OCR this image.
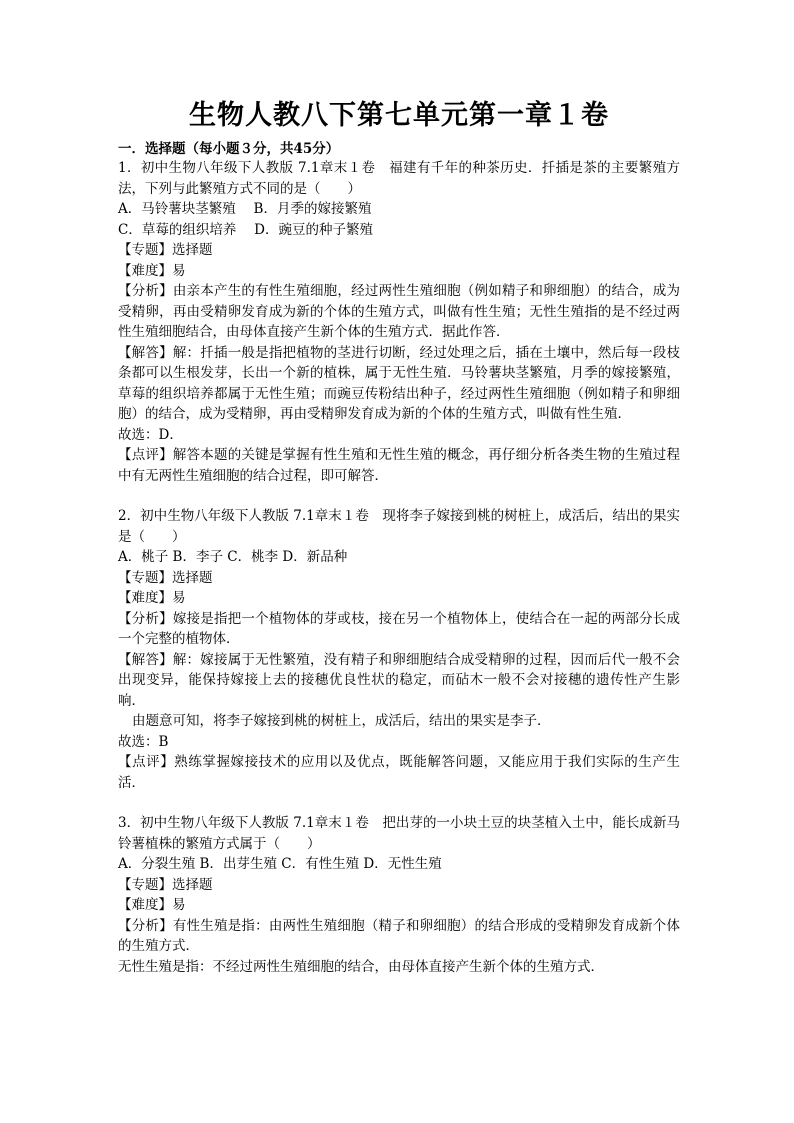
生物人教八下第七单元第一章１卷

一．选择题（每小题３分，共45分）

1．初中生物八年级下人教版 7.1章末１卷　福建有千年的种茶历史．扦插是茶的主要繁殖方法，下列与此繁殖方式不同的是（　　）

A．马铃薯块茎繁殖　 B．月季的嫁接繁殖

C．草莓的组织培养　 D．豌豆的种子繁殖

【专题】选择题

【难度】易

【分析】由亲本产生的有性生殖细胞，经过两性生殖细胞（例如精子和卵细胞）的结合，成为受精卵，再由受精卵发育成为新的个体的生殖方式，叫做有性生殖；无性生殖指的是不经过两性生殖细胞结合，由母体直接产生新个体的生殖方式．据此作答．

【解答】解：扦插一般是指把植物的茎进行切断，经过处理之后，插在土壤中，然后每一段枝条都可以生根发芽，长出一个新的植株，属于无性生殖．马铃薯块茎繁殖，月季的嫁接繁殖，草莓的组织培养都属于无性生殖；而豌豆传粉结出种子，经过两性生殖细胞（例如精子和卵细胞）的结合，成为受精卵，再由受精卵发育成为新的个体的生殖方式，叫做有性生殖．

故选：D．

【点评】解答本题的关键是掌握有性生殖和无性生殖的概念，再仔细分析各类生物的生殖过程中有无两性生殖细胞的结合过程，即可解答．

2．初中生物八年级下人教版 7.1章末１卷　现将李子嫁接到桃的树桩上，成活后，结出的果实是（　　）

A．桃子 B．李子 C．桃李 D．新品种

【专题】选择题

【难度】易

【分析】嫁接是指把一个植物体的芽或枝，接在另一个植物体上，使结合在一起的两部分长成一个完整的植物体．

【解答】解：嫁接属于无性繁殖，没有精子和卵细胞结合成受精卵的过程，因而后代一般不会出现变异，能保持嫁接上去的接穗优良性状的稳定，而砧木一般不会对接穗的遗传性产生影响．

由题意可知，将李子嫁接到桃的树桩上，成活后，结出的果实是李子．

故选：B

【点评】熟练掌握嫁接技术的应用以及优点，既能解答问题，又能应用于我们实际的生产生活．

3．初中生物八年级下人教版 7.1章末１卷　把出芽的一小块土豆的块茎植入土中，能长成新马铃薯植株的繁殖方式属于（　　）

A．分裂生殖 B．出芽生殖 C．有性生殖 D．无性生殖

【专题】选择题

【难度】易

【分析】有性生殖是指：由两性生殖细胞（精子和卵细胞）的结合形成的受精卵发育成新个体的生殖方式．

无性生殖是指：不经过两性生殖细胞的结合，由母体直接产生新个体的生殖方式．
